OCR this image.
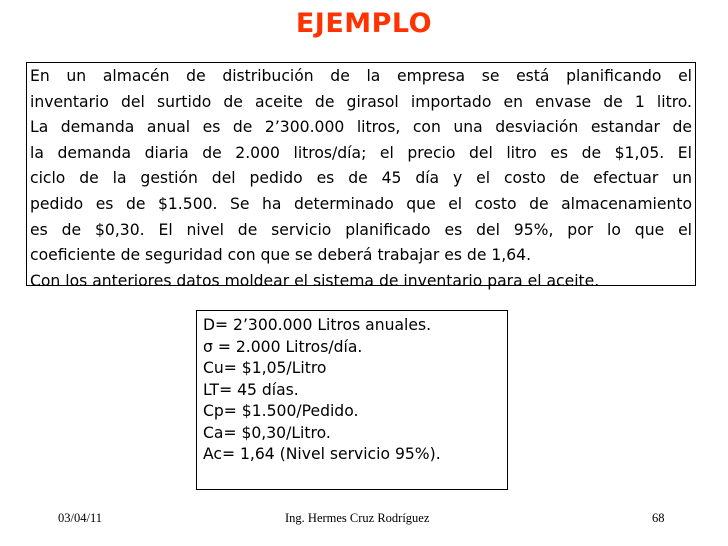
EJEMPLO
En un almacén de distribución de la empresa se está planificando el
inventario del surtido de aceite de girasol importado en envase de 1 litro.
La demanda anual es de 2’300.000 litros, con una desviación estandar de
la demanda diaria de 2.000 litros/día; el precio del litro es de $1,05. El
ciclo de la gestión del pedido es de 45 día y el costo de efectuar un
pedido es de $1.500. Se ha determinado que el costo de almacenamiento
es de $0,30. El nivel de servicio planificado es del 95%, por lo que el
coeficiente de seguridad con que se deberá trabajar es de 1,64.
Con los anteriores datos moldear el sistema de inventario para el aceite.
D= 2’300.000 Litros anuales.
σ = 2.000 Litros/día.
Cu= $1,05/Litro
LT= 45 días.
Cp= $1.500/Pedido.
Ca= $0,30/Litro.
Ac= 1,64 (Nivel servicio 95%).
03/04/11	Ing. Hermes Cruz Rodríguez	68
